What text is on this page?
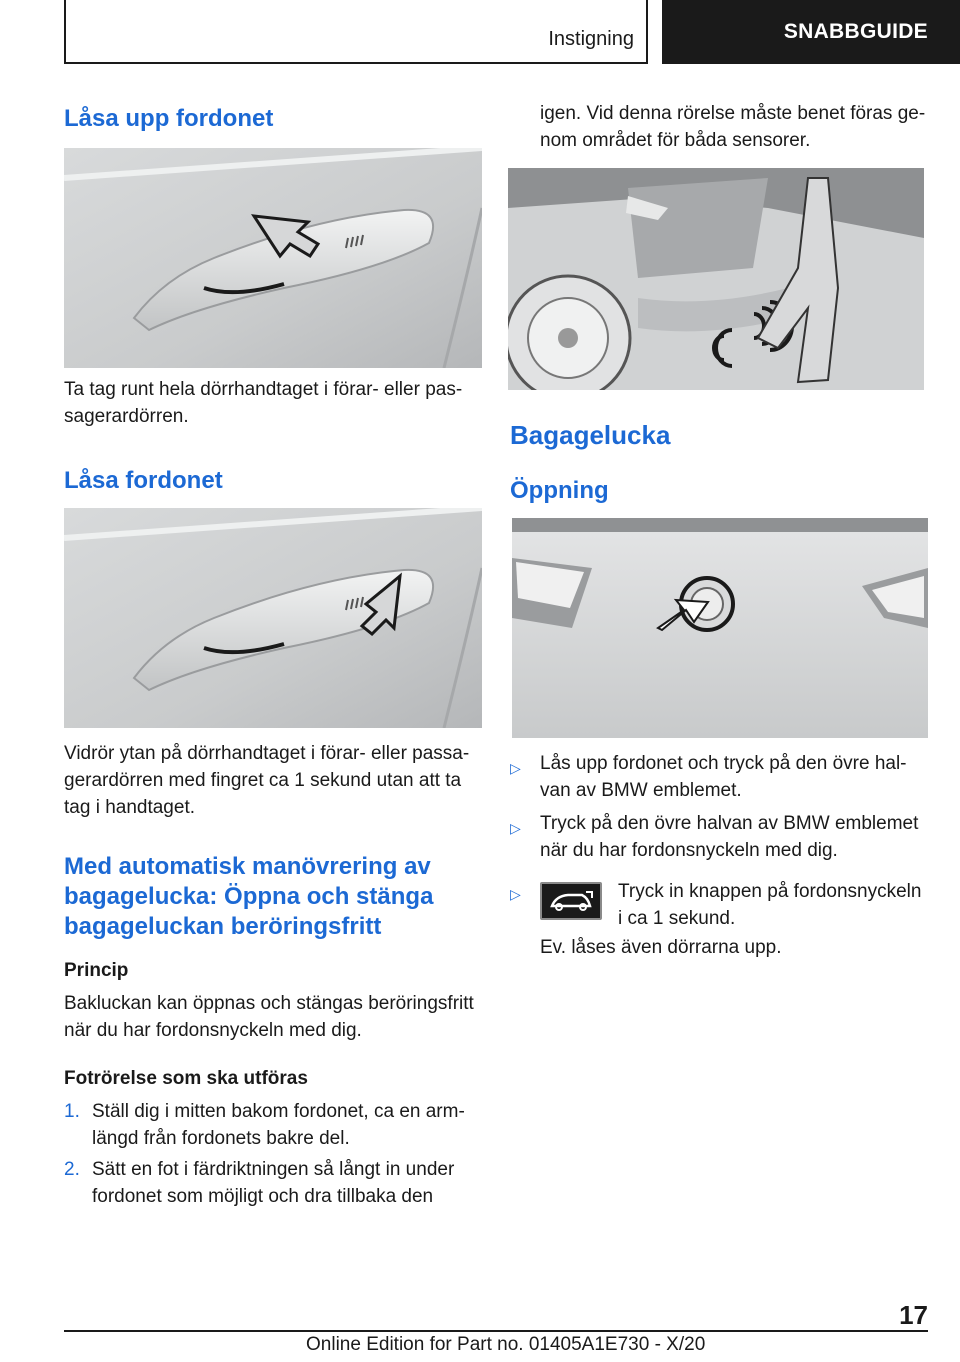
Instigning	SNABBGUIDE
Låsa upp fordonet

Ta tag runt hela dörrhandtaget i förar- eller pas-sagerardörren.

Låsa fordonet

Vidrör ytan på dörrhandtaget i förar- eller passa-gerardörren med fingret ca 1 sekund utan att ta tag i handtaget.

Med automatisk manövrering av bagagelucka: Öppna och stänga bagageluckan beröringsfritt
Princip

Bakluckan kan öppnas och stängas beröringsfritt när du har fordonsnyckeln med dig.

Fotrörelse som ska utföras
1. Ställ dig i mitten bakom fordonet, ca en arm-längd från fordonets bakre del.
2. Sätt en fot i färdriktningen så långt in under fordonet som möjligt och dra tillbaka den

igen. Vid denna rörelse måste benet föras ge-nom området för båda sensorer.

Bagagelucka
Öppning
▷ Lås upp fordonet och tryck på den övre hal-van av BMW emblemet.
▷ Tryck på den övre halvan av BMW emblemet när du har fordonsnyckeln med dig.
▷	Tryck in knappen på fordonsnyckeln i ca 1 sekund.

Ev. låses även dörrarna upp.

17
Online Edition for Part no. 01405A1E730 - X/20
